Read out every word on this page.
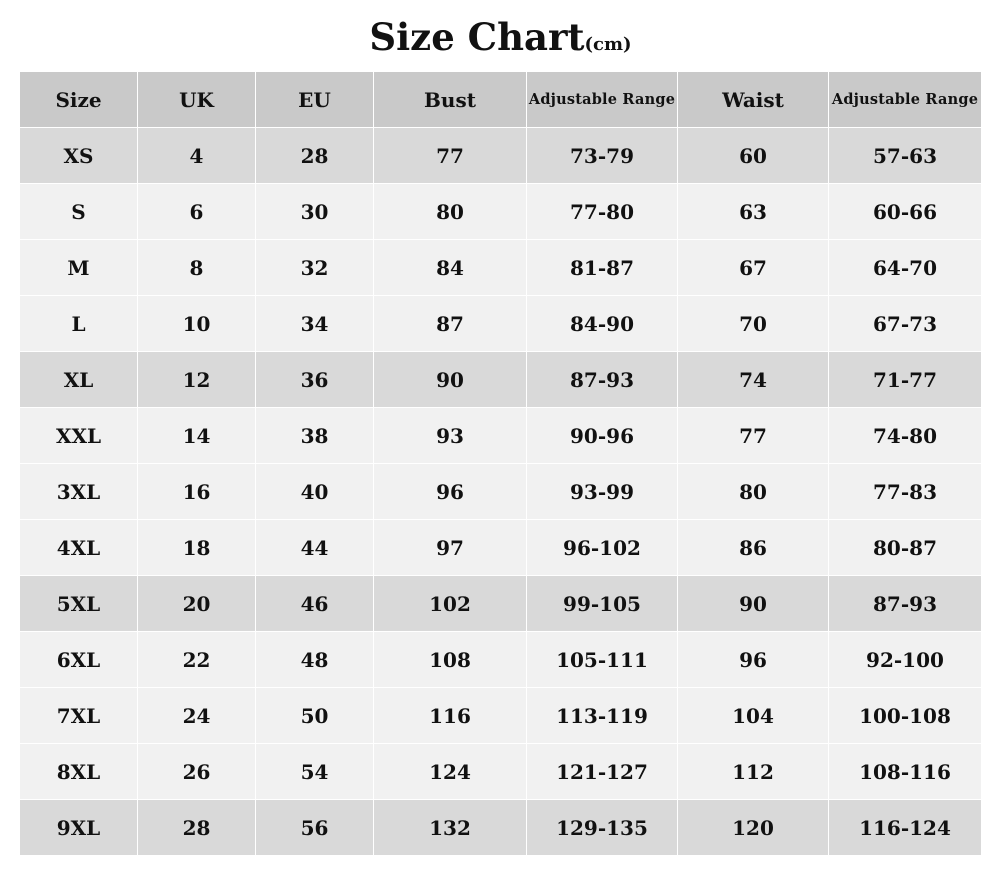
Size Chart(cm)
Size	UK	EU	Bust	Adjustable Range	Waist	Adjustable Range
XS	4	28	77	73-79	60	57-63
S	6	30	80	77-80	63	60-66
M	8	32	84	81-87	67	64-70
L	10	34	87	84-90	70	67-73
XL	12	36	90	87-93	74	71-77
XXL	14	38	93	90-96	77	74-80
3XL	16	40	96	93-99	80	77-83
4XL	18	44	97	96-102	86	80-87
5XL	20	46	102	99-105	90	87-93
6XL	22	48	108	105-111	96	92-100
7XL	24	50	116	113-119	104	100-108
8XL	26	54	124	121-127	112	108-116
9XL	28	56	132	129-135	120	116-124
